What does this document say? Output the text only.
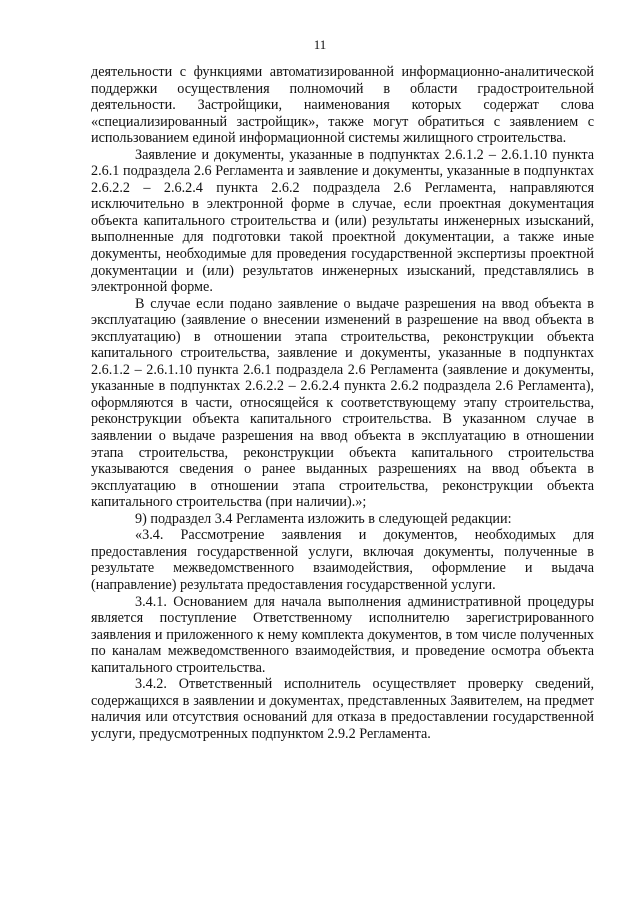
11

деятельности с функциями автоматизированной информационно-аналитической поддержки осуществления полномочий в области градостроительной деятельности. Застройщики, наименования которых содержат слова «специализированный застройщик», также могут обратиться с заявлением с использованием единой информационной системы жилищного строительства.

Заявление и документы, указанные в подпунктах 2.6.1.2 – 2.6.1.10 пункта 2.6.1 подраздела 2.6 Регламента и заявление и документы, указанные в подпунктах 2.6.2.2 – 2.6.2.4 пункта 2.6.2 подраздела 2.6 Регламента, направляются исключительно в электронной форме в случае, если проектная документация объекта капитального строительства и (или) результаты инженерных изысканий, выполненные для подготовки такой проектной документации, а также иные документы, необходимые для проведения государственной экспертизы проектной документации и (или) результатов инженерных изысканий, представлялись в электронной форме.

В случае если подано заявление о выдаче разрешения на ввод объекта в эксплуатацию (заявление о внесении изменений в разрешение на ввод объекта в эксплуатацию) в отношении этапа строительства, реконструкции объекта капитального строительства, заявление и документы, указанные в подпунктах 2.6.1.2 – 2.6.1.10 пункта 2.6.1 подраздела 2.6 Регламента (заявление и документы, указанные в подпунктах 2.6.2.2 – 2.6.2.4 пункта 2.6.2 подраздела 2.6 Регламента), оформляются в части, относящейся к соответствующему этапу строительства, реконструкции объекта капитального строительства. В указанном случае в заявлении о выдаче разрешения на ввод объекта в эксплуатацию в отношении этапа строительства, реконструкции объекта капитального строительства указываются сведения о ранее выданных разрешениях на ввод объекта в эксплуатацию в отношении этапа строительства, реконструкции объекта капитального строительства (при наличии).»;

9) подраздел 3.4 Регламента изложить в следующей редакции:

«3.4. Рассмотрение заявления и документов, необходимых для предоставления государственной услуги, включая документы, полученные в результате межведомственного взаимодействия, оформление и выдача (направление) результата предоставления государственной услуги.

3.4.1. Основанием для начала выполнения административной процедуры является поступление Ответственному исполнителю зарегистрированного заявления и приложенного к нему комплекта документов, в том числе полученных по каналам межведомственного взаимодействия, и проведение осмотра объекта капитального строительства.

3.4.2. Ответственный исполнитель осуществляет проверку сведений, содержащихся в заявлении и документах, представленных Заявителем, на предмет наличия или отсутствия оснований для отказа в предоставлении государственной услуги, предусмотренных подпунктом 2.9.2 Регламента.
